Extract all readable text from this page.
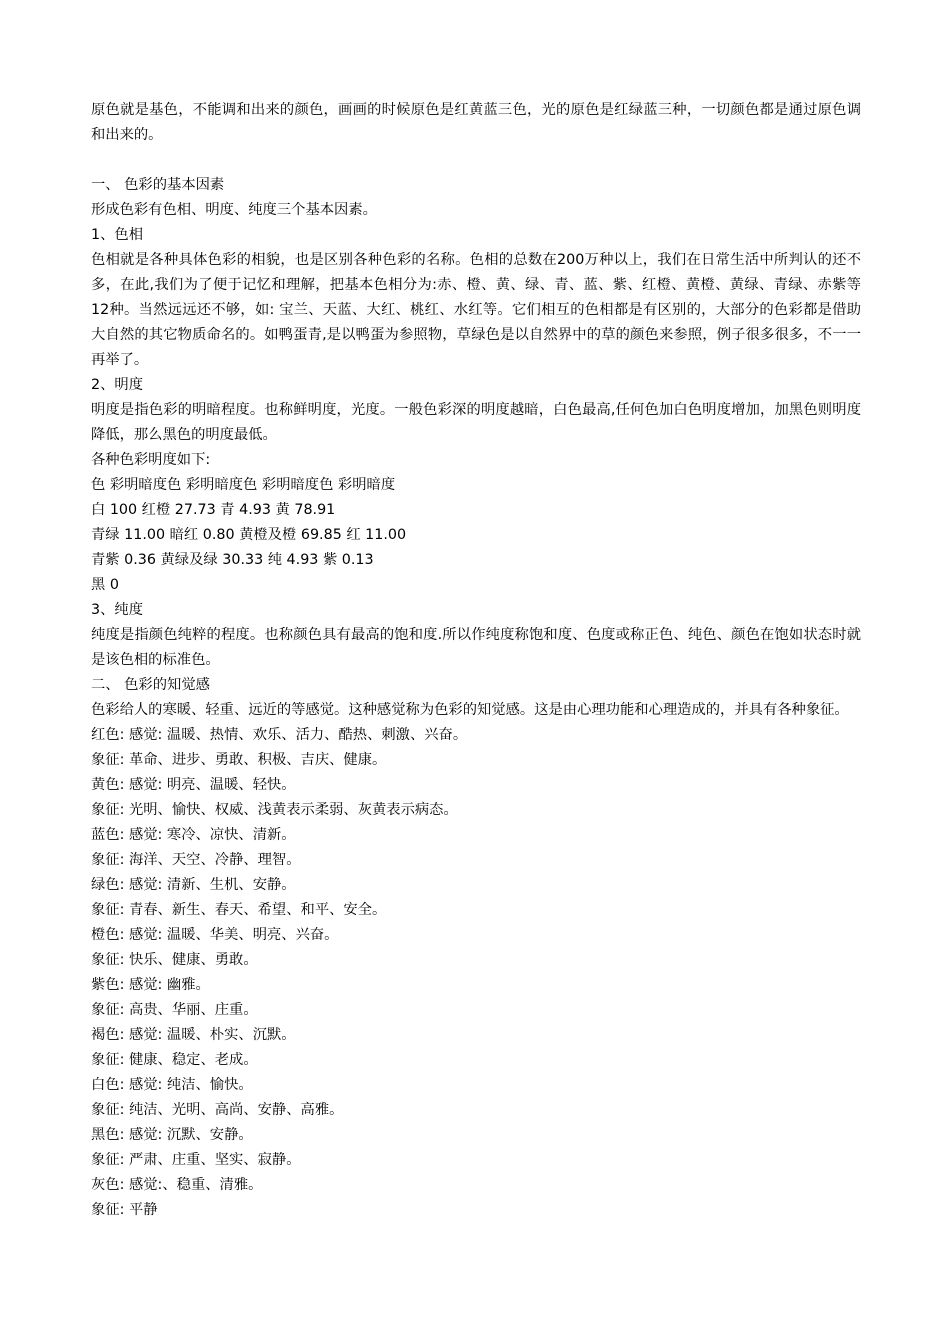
原色就是基色，不能调和出来的颜色，画画的时候原色是红黄蓝三色，光的原色是红绿蓝三种，一切颜色都是通过原色调和出来的。
一、 色彩的基本因素
形成色彩有色相、明度、纯度三个基本因素。
1、色相
色相就是各种具体色彩的相貌，也是区别各种色彩的名称。色相的总数在200万种以上，我们在日常生活中所判认的还不多，在此,我们为了便于记忆和理解，把基本色相分为:赤、橙、黄、绿、青、蓝、紫、红橙、黄橙、黄绿、青绿、赤紫等12种。当然远远还不够，如: 宝兰、天蓝、大红、桃红、水红等。它们相互的色相都是有区别的，大部分的色彩都是借助大自然的其它物质命名的。如鸭蛋青,是以鸭蛋为参照物，草绿色是以自然界中的草的颜色来参照，例子很多很多，不一一再举了。
2、明度
明度是指色彩的明暗程度。也称鲜明度，光度。一般色彩深的明度越暗，白色最高,任何色加白色明度增加，加黑色则明度降低，那么黑色的明度最低。
各种色彩明度如下:
色 彩明暗度色 彩明暗度色 彩明暗度色 彩明暗度
白 100 红橙 27.73 青 4.93 黄 78.91
青绿 11.00 暗红 0.80 黄橙及橙 69.85 红 11.00
青紫 0.36 黄绿及绿 30.33 纯 4.93 紫 0.13
黑 0
3、纯度
纯度是指颜色纯粹的程度。也称颜色具有最高的饱和度.所以作纯度称饱和度、色度或称正色、纯色、颜色在饱如状态时就是该色相的标准色。
二、 色彩的知觉感
色彩给人的寒暖、轻重、远近的等感觉。这种感觉称为色彩的知觉感。这是由心理功能和心理造成的，并具有各种象征。
红色: 感觉: 温暖、热情、欢乐、活力、酷热、刺激、兴奋。
象征: 革命、进步、勇敢、积极、吉庆、健康。
黄色: 感觉: 明亮、温暖、轻快。
象征: 光明、愉快、权威、浅黄表示柔弱、灰黄表示病态。
蓝色: 感觉: 寒冷、凉快、清新。
象征: 海洋、天空、冷静、理智。
绿色: 感觉: 清新、生机、安静。
象征: 青春、新生、春天、希望、和平、安全。
橙色: 感觉: 温暖、华美、明亮、兴奋。
象征: 快乐、健康、勇敢。
紫色: 感觉: 幽雅。
象征: 高贵、华丽、庄重。
褐色: 感觉: 温暖、朴实、沉默。
象征: 健康、稳定、老成。
白色: 感觉: 纯洁、愉快。
象征: 纯洁、光明、高尚、安静、高雅。
黑色: 感觉: 沉默、安静。
象征: 严肃、庄重、坚实、寂静。
灰色: 感觉:、稳重、清雅。
象征: 平静
